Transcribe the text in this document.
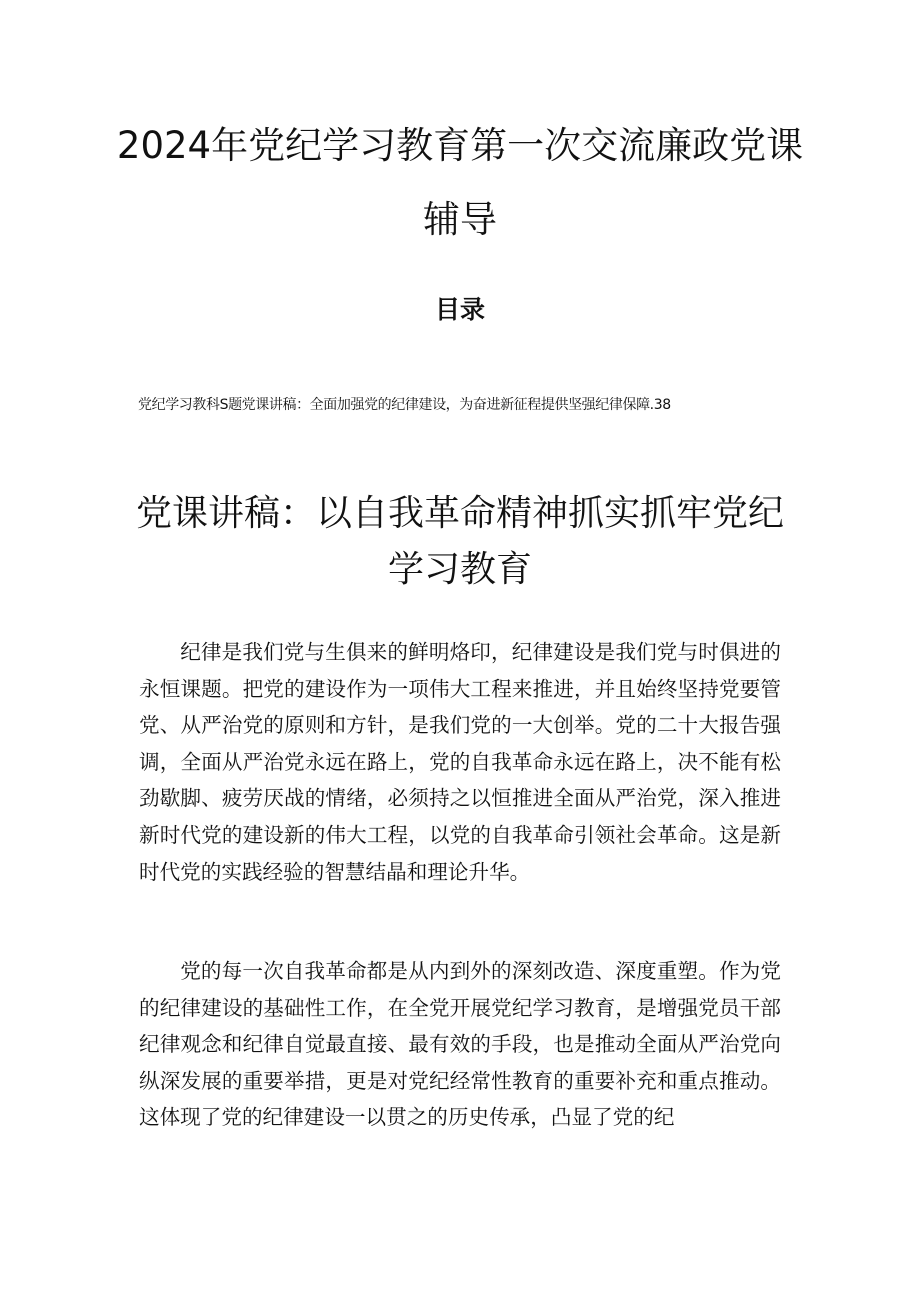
2024年党纪学习教育第一次交流廉政党课
辅导
目录
党纪学习教科S题党课讲稿：全面加强党的纪律建设，为奋进新征程提供坚强纪律保障.38
党课讲稿：以自我革命精神抓实抓牢党纪
学习教育

纪律是我们党与生俱来的鲜明烙印，纪律建设是我们党与时俱进的永恒课题。把党的建设作为一项伟大工程来推进，并且始终坚持党要管党、从严治党的原则和方针，是我们党的一大创举。党的二十大报告强调，全面从严治党永远在路上，党的自我革命永远在路上，决不能有松劲歇脚、疲劳厌战的情绪，必须持之以恒推进全面从严治党，深入推进新时代党的建设新的伟大工程，以党的自我革命引领社会革命。这是新时代党的实践经验的智慧结晶和理论升华。

党的每一次自我革命都是从内到外的深刻改造、深度重塑。作为党的纪律建设的基础性工作，在全党开展党纪学习教育，是增强党员干部纪律观念和纪律自觉最直接、最有效的手段，也是推动全面从严治党向纵深发展的重要举措，更是对党纪经常性教育的重要补充和重点推动。这体现了党的纪律建设一以贯之的历史传承，凸显了党的纪
